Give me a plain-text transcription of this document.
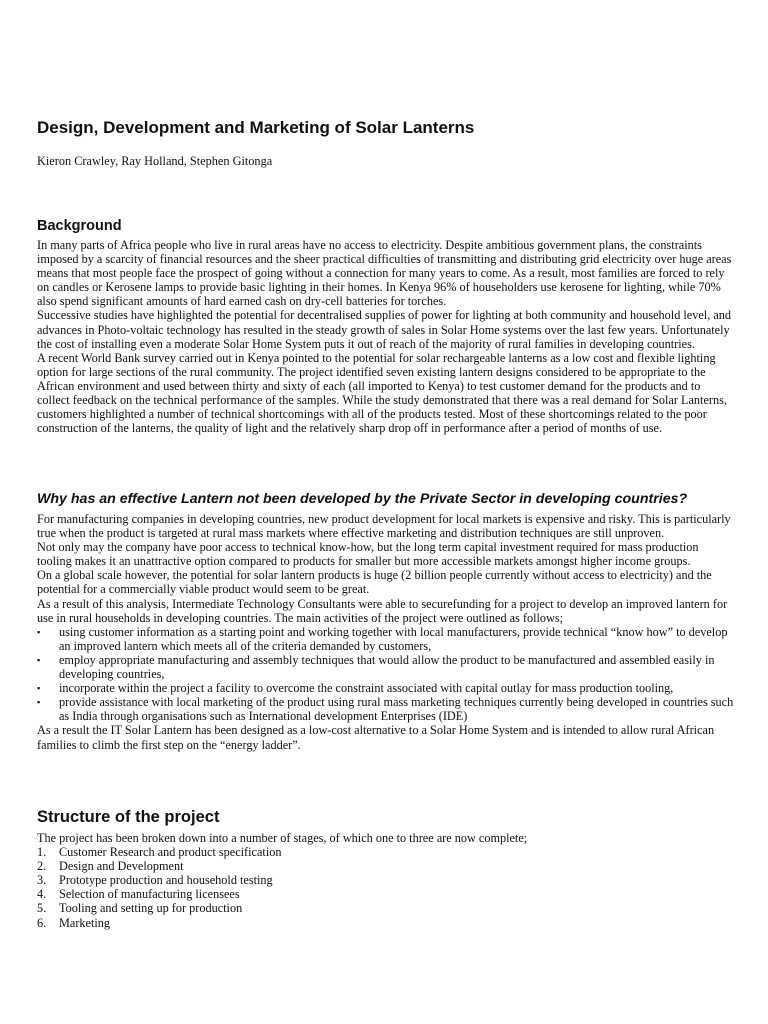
Design, Development and Marketing of Solar Lanterns
Kieron Crawley, Ray Holland, Stephen Gitonga
Background

In many parts of Africa people who live in rural areas have no access to electricity. Despite ambitious government plans, the constraints imposed by a scarcity of financial resources and the sheer practical difficulties of transmitting and distributing grid electricity over huge areas means that most people face the prospect of going without a connection for many years to come. As a result, most families are forced to rely on candles or Kerosene lamps to provide basic lighting in their homes. In Kenya 96% of householders use kerosene for lighting, while 70% also spend significant amounts of hard earned cash on dry-cell batteries for torches.

Successive studies have highlighted the potential for decentralised supplies of power for lighting at both community and household level, and advances in Photo-voltaic technology has resulted in the steady growth of sales in Solar Home systems over the last few years. Unfortunately the cost of installing even a moderate Solar Home System puts it out of reach of the majority of rural families in developing countries.

A recent World Bank survey carried out in Kenya pointed to the potential for solar rechargeable lanterns as a low cost and flexible lighting option for large sections of the rural community. The project identified seven existing lantern designs considered to be appropriate to the African environment and used between thirty and sixty of each (all imported to Kenya) to test customer demand for the products and to collect feedback on the technical performance of the samples. While the study demonstrated that there was a real demand for Solar Lanterns, customers highlighted a number of technical shortcomings with all of the products tested. Most of these shortcomings related to the poor construction of the lanterns, the quality of light and the relatively sharp drop off in performance after a period of months of use.

Why has an effective Lantern not been developed by the Private Sector in developing countries?

For manufacturing companies in developing countries, new product development for local markets is expensive and risky. This is particularly true when the product is targeted at rural mass markets where effective marketing and distribution techniques are still unproven.

Not only may the company have poor access to technical know-how, but the long term capital investment required for mass production tooling makes it an unattractive option compared to products for smaller but more accessible markets amongst higher income groups.

On a global scale however, the potential for solar lantern products is huge (2 billion people currently without access to electricity) and the potential for a commercially viable product would seem to be great.

As a result of this analysis, Intermediate Technology Consultants were able to securefunding for a project to develop an improved lantern for use in rural households in developing countries. The main activities of the project were outlined as follows;

▪ using customer information as a starting point and working together with local manufacturers, provide technical “know how” to develop an improved lantern which meets all of the criteria demanded by customers,
▪ employ appropriate manufacturing and assembly techniques that would allow the product to be manufactured and assembled easily in developing countries,
▪ incorporate within the project a facility to overcome the constraint associated with capital outlay for mass production tooling,
▪ provide assistance with local marketing of the product using rural mass marketing techniques currently being developed in countries such as India through organisations such as International development Enterprises (IDE)

As a result the IT Solar Lantern has been designed as a low-cost alternative to a Solar Home System and is intended to allow rural African families to climb the first step on the “energy ladder”.

Structure of the project

The project has been broken down into a number of stages, of which one to three are now complete;

1. Customer Research and product specification
2. Design and Development
3. Prototype production and household testing
4. Selection of manufacturing licensees
5. Tooling and setting up for production
6. Marketing
